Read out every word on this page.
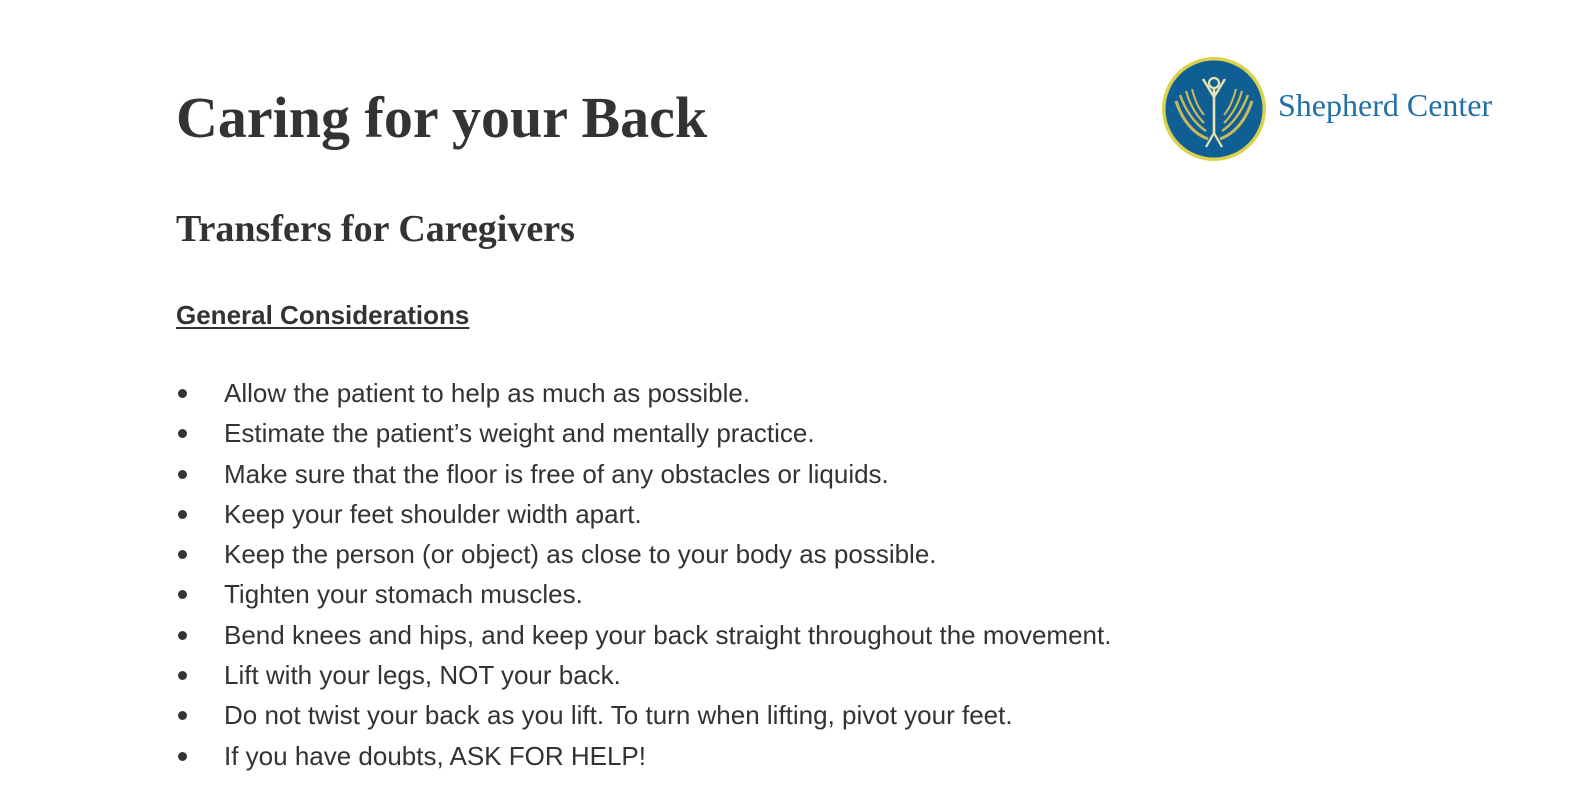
Caring for your Back	Shepherd Center
Transfers for Caregivers
General Considerations
Allow the patient to help as much as possible.
Estimate the patient’s weight and mentally practice.
Make sure that the floor is free of any obstacles or liquids.
Keep your feet shoulder width apart.
Keep the person (or object) as close to your body as possible.
Tighten your stomach muscles.
Bend knees and hips, and keep your back straight throughout the movement.
Lift with your legs, NOT your back.
Do not twist your back as you lift. To turn when lifting, pivot your feet.
If you have doubts, ASK FOR HELP!
